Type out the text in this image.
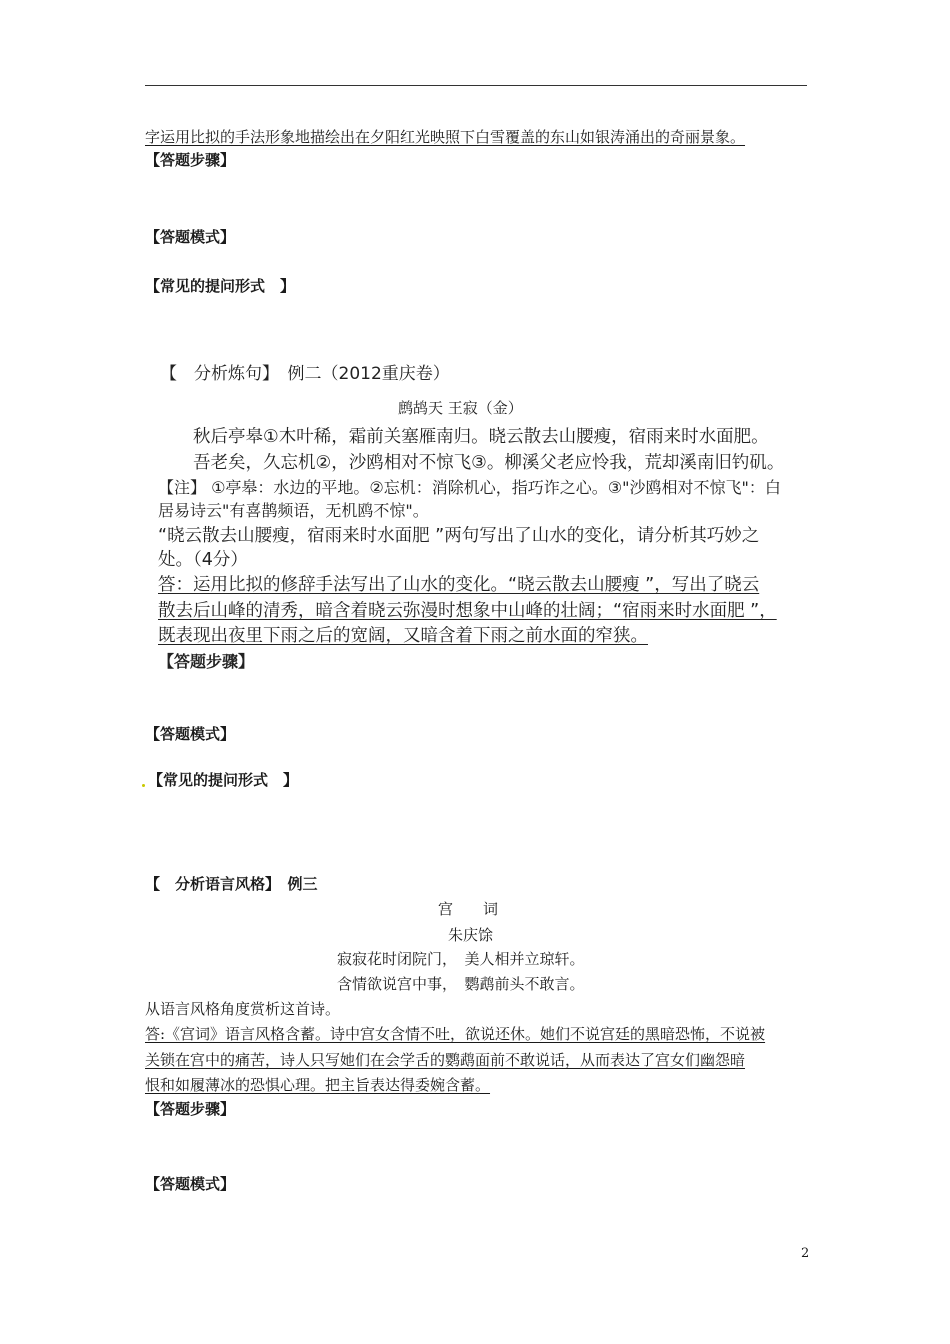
字运用比拟的手法形象地描绘出在夕阳红光映照下白雪覆盖的东山如银涛涌出的奇丽景象。
【答题步骤】
【答题模式】
【常见的提问形式　】
【　分析炼句】　例二（2012重庆卷）
鹧鸪天 王寂（金）
秋后亭皋①木叶稀，霜前关塞雁南归。晓云散去山腰瘦，宿雨来时水面肥。
吾老矣，久忘机②，沙鸥相对不惊飞③。柳溪父老应怜我，荒却溪南旧钓矶。
【注】 ①亭皋：水边的平地。②忘机：消除机心，指巧诈之心。③"沙鸥相对不惊飞"：白
居易诗云"有喜鹊频语，无机鸥不惊"。
“晓云散去山腰瘦，宿雨来时水面肥 ”两句写出了山水的变化，请分析其巧妙之
处。（4分）
答：运用比拟的修辞手法写出了山水的变化。“晓云散去山腰瘦 ”，写出了晓云
散去后山峰的清秀，暗含着晓云弥漫时想象中山峰的壮阔；“宿雨来时水面肥 ”，
既表现出夜里下雨之后的宽阔，又暗含着下雨之前水面的窄狭。
【答题步骤】
【答题模式】
【常见的提问形式　】
【　分析语言风格】　例三
宫　　词
朱庆馀
寂寂花时闭院门，　美人相并立琼轩。
含情欲说宫中事，　鹦鹉前头不敢言。
从语言风格角度赏析这首诗。
答:《宫词》语言风格含蓄。诗中宫女含情不吐，欲说还休。她们不说宫廷的黑暗恐怖，不说被
关锁在宫中的痛苦，诗人只写她们在会学舌的鹦鹉面前不敢说话，从而表达了宫女们幽怨暗
恨和如履薄冰的恐惧心理。把主旨表达得委婉含蓄。
【答题步骤】
【答题模式】
2
